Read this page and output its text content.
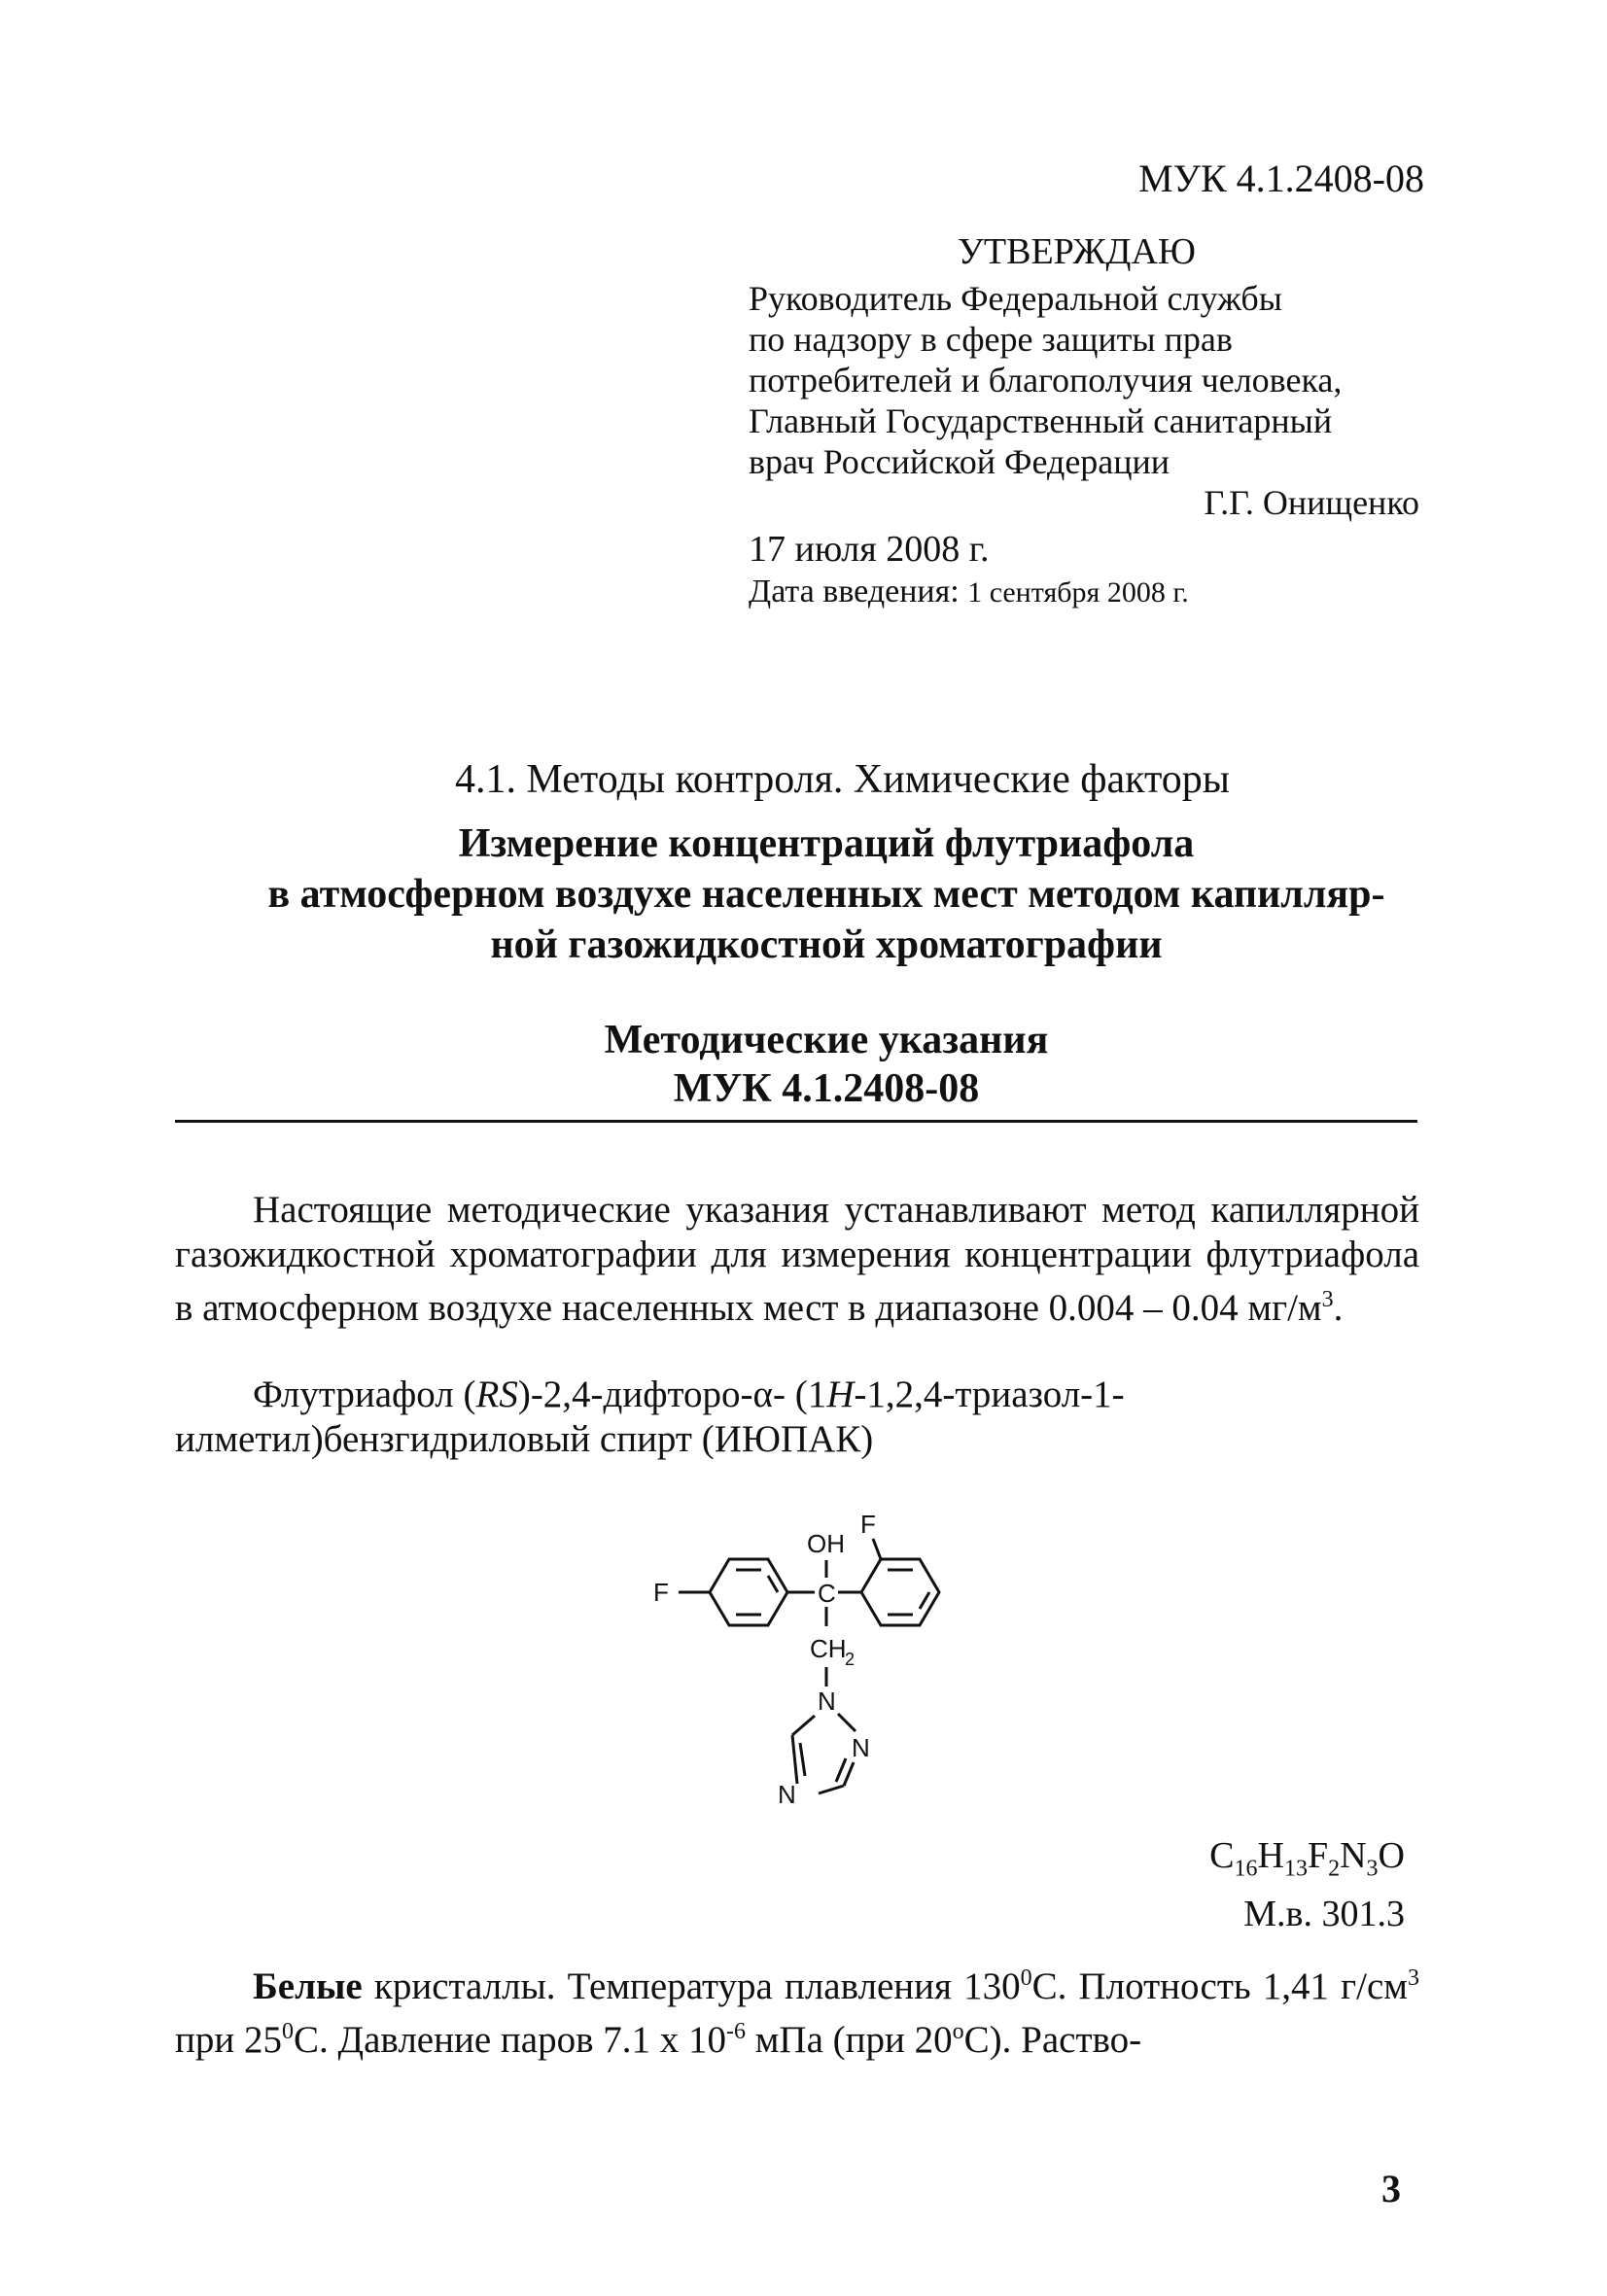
МУК 4.1.2408-08
УТВЕРЖДАЮ
Руководитель Федеральной службы
по надзору в сфере защиты прав
потребителей и благополучия человека,
Главный Государственный санитарный
врач Российской Федерации
Г.Г. Онищенко
17 июля 2008 г.
Дата введения: 1 сентября 2008 г.
4.1. Методы контроля. Химические факторы
Измерение концентраций флутриафола
в атмосферном воздухе населенных мест методом капилляр-
ной газожидкостной хроматографии
Методические указания
МУК 4.1.2408-08
Настоящие методические указания устанавливают метод капиллярной газожидкостной хроматографии для измерения концентрации флутриафола в атмосферном воздухе населенных мест в диапазоне 0.004 – 0.04 $мг/м^3$.
Флутриафол (RS)-2,4-дифторо-α- (1H-1,2,4-триазол-1-илметил)бензгидриловый спирт (ИЮПАК)
OH
F
F	C
CH
2
N
N
N
$C_{16}H_{13}F_2N_3O$
М.в. 301.3
Белые кристаллы. Температура плавления $130^0С$. Плотность 1,41 $г/см^3$ при $25^0С$. Давление паров 7.1 х $10^{-6}$ мПа (при 20$^o$С). Раство-
3
